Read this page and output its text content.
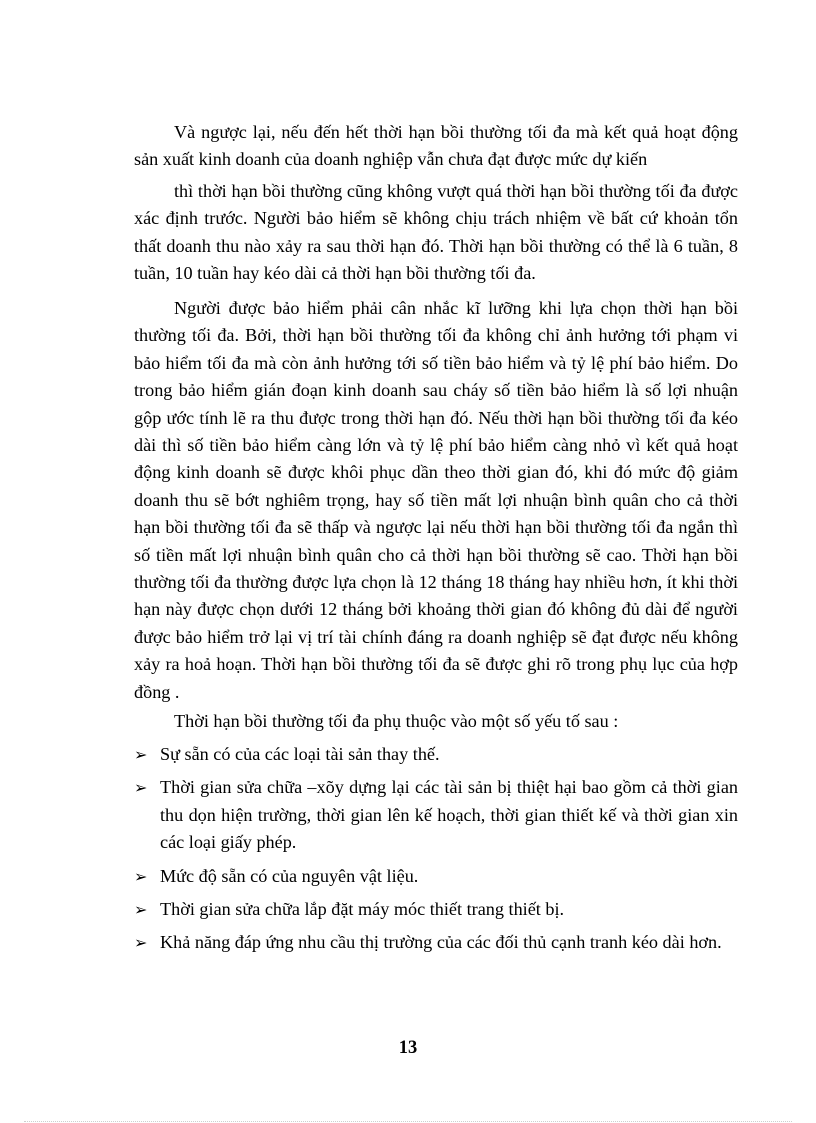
Và ngược lại, nếu đến hết thời hạn bồi thường tối đa mà kết quả hoạt động sản xuất kinh doanh của doanh nghiệp vẫn chưa đạt được mức dự kiến

thì thời hạn bồi thường cũng không vượt quá thời hạn bồi thường tối đa được xác định trước. Người bảo hiểm sẽ không chịu trách nhiệm về bất cứ khoản tổn thất doanh thu nào xảy ra sau thời hạn đó. Thời hạn bồi thường có thể là 6 tuần, 8 tuần, 10 tuần hay kéo dài cả thời hạn bồi thường tối đa.

Người được bảo hiểm phải cân nhắc kĩ lưỡng khi lựa chọn thời hạn bồi thường tối đa. Bởi, thời hạn bồi thường tối đa không chỉ ảnh hưởng tới phạm vi bảo hiểm tối đa mà còn ảnh hưởng tới số tiền bảo hiểm và tỷ lệ phí bảo hiểm. Do trong bảo hiểm gián đoạn kinh doanh sau cháy số tiền bảo hiểm là số lợi nhuận gộp ước tính lẽ ra thu được trong thời hạn đó. Nếu thời hạn bồi thường tối đa kéo dài thì số tiền bảo hiểm càng lớn và tỷ lệ phí bảo hiểm càng nhỏ vì kết quả hoạt động kinh doanh sẽ được khôi phục dần theo thời gian đó, khi đó mức độ giảm doanh thu sẽ bớt nghiêm trọng, hay số tiền mất lợi nhuận bình quân cho cả thời hạn bồi thường tối đa sẽ thấp và ngược lại nếu thời hạn bồi thường tối đa ngắn thì số tiền mất lợi nhuận bình quân cho cả thời hạn bồi thường sẽ cao. Thời hạn bồi thường tối đa thường được lựa chọn là 12 tháng 18 tháng hay nhiều hơn, ít khi thời hạn này được chọn dưới 12 tháng bởi khoảng thời gian đó không đủ dài để người được bảo hiểm trở lại vị trí tài chính đáng ra doanh nghiệp sẽ đạt được nếu không xảy ra hoả hoạn. Thời hạn bồi thường tối đa sẽ được ghi rõ trong phụ lục của hợp đồng .

Thời hạn bồi thường tối đa phụ thuộc vào một số yếu tố sau :

➢ Sự sẵn có của các loại tài sản thay thế.
➢ Thời gian sửa chữa –xõy dựng lại các tài sản bị thiệt hại bao gồm cả thời gian thu dọn hiện trường, thời gian lên kế hoạch, thời gian thiết kế và thời gian xin các loại giấy phép.
➢ Mức độ sẵn có của nguyên vật liệu.
➢ Thời gian sửa chữa lắp đặt máy móc thiết trang thiết bị.
➢ Khả năng đáp ứng nhu cầu thị trường của các đối thủ cạnh tranh kéo dài hơn.
13
